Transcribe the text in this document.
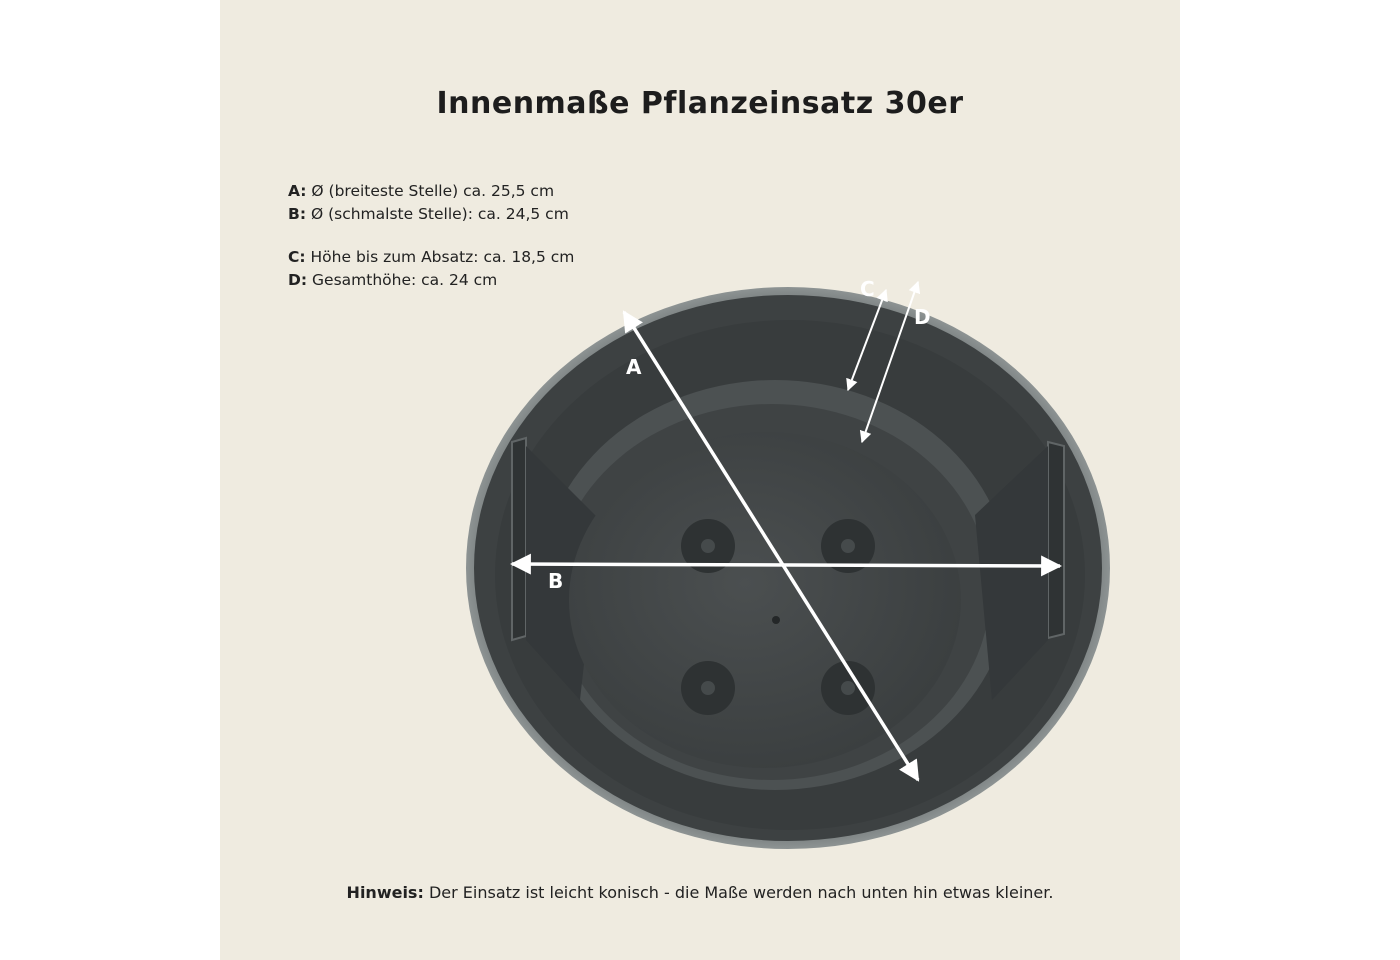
Innenmaße Pflanzeinsatz 30er
A: Ø (breiteste Stelle) ca. 25,5 cm
B: Ø (schmalste Stelle): ca. 24,5 cm
C: Höhe bis zum Absatz: ca. 18,5 cm
D: Gesamthöhe: ca. 24 cm
A
B
C
D
Hinweis: Der Einsatz ist leicht konisch - die Maße werden nach unten hin etwas kleiner.
